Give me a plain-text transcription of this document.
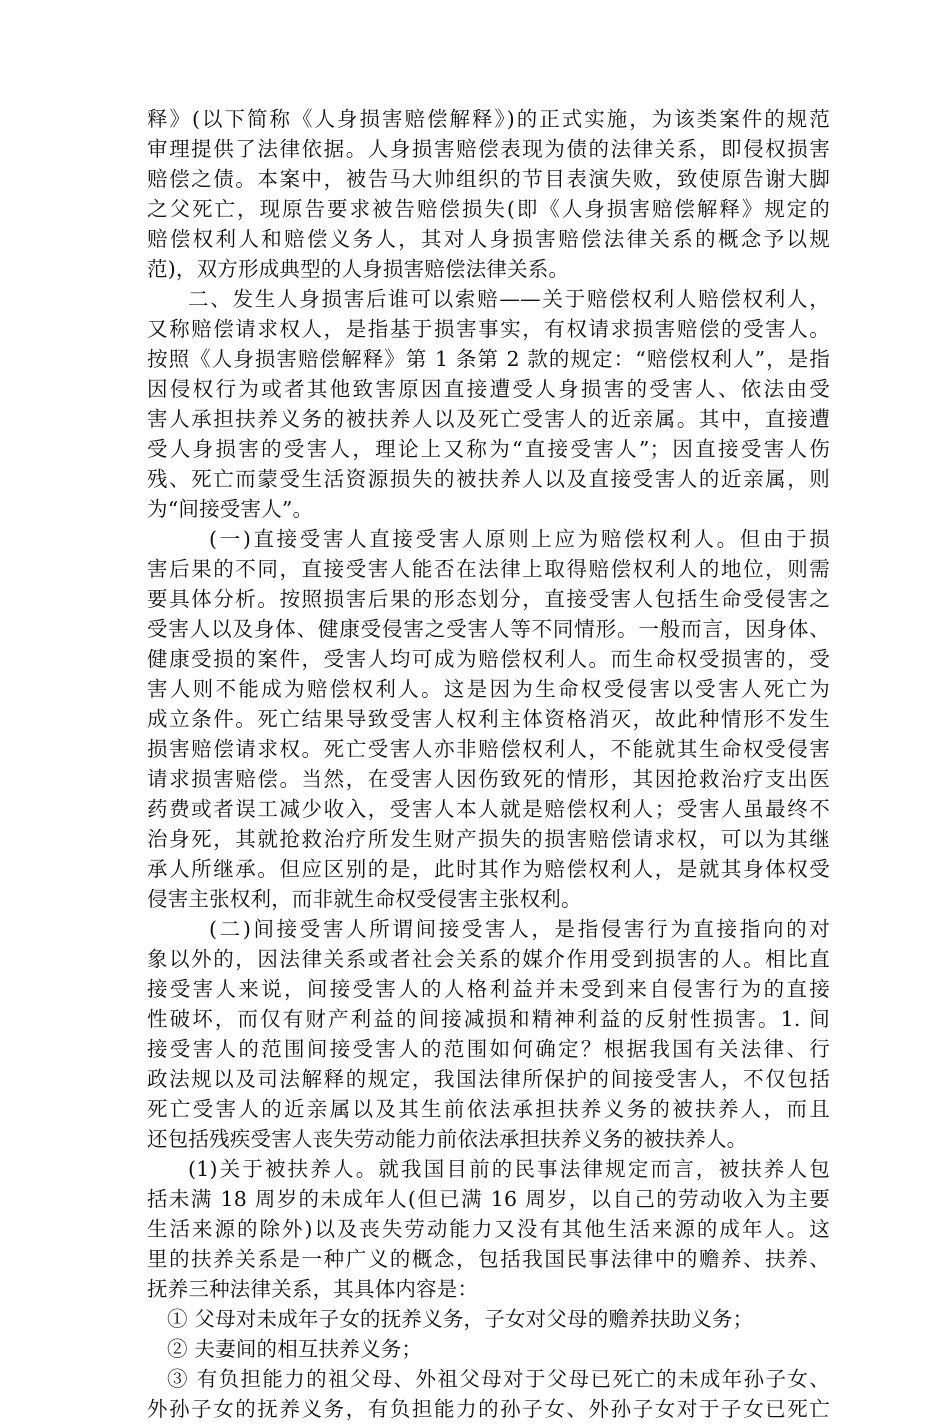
释》(以下简称《人身损害赔偿解释》)的正式实施，为该类案件的规范
审理提供了法律依据。人身损害赔偿表现为债的法律关系，即侵权损害
赔偿之债。本案中，被告马大帅组织的节目表演失败，致使原告谢大脚
之父死亡，现原告要求被告赔偿损失(即《人身损害赔偿解释》规定的
赔偿权利人和赔偿义务人，其对人身损害赔偿法律关系的概念予以规
范)，双方形成典型的人身损害赔偿法律关系。
二、发生人身损害后谁可以索赔——关于赔偿权利人赔偿权利人，
又称赔偿请求权人，是指基于损害事实，有权请求损害赔偿的受害人。
按照《人身损害赔偿解释》第 1 条第 2 款的规定：“赔偿权利人”，是指
因侵权行为或者其他致害原因直接遭受人身损害的受害人、依法由受
害人承担扶养义务的被扶养人以及死亡受害人的近亲属。其中，直接遭
受人身损害的受害人，理论上又称为“直接受害人”；因直接受害人伤
残、死亡而蒙受生活资源损失的被扶养人以及直接受害人的近亲属，则
为“间接受害人”。
(一)直接受害人直接受害人原则上应为赔偿权利人。但由于损
害后果的不同，直接受害人能否在法律上取得赔偿权利人的地位，则需
要具体分析。按照损害后果的形态划分，直接受害人包括生命受侵害之
受害人以及身体、健康受侵害之受害人等不同情形。一般而言，因身体、
健康受损的案件，受害人均可成为赔偿权利人。而生命权受损害的，受
害人则不能成为赔偿权利人。这是因为生命权受侵害以受害人死亡为
成立条件。死亡结果导致受害人权利主体资格消灭，故此种情形不发生
损害赔偿请求权。死亡受害人亦非赔偿权利人，不能就其生命权受侵害
请求损害赔偿。当然，在受害人因伤致死的情形，其因抢救治疗支出医
药费或者误工减少收入，受害人本人就是赔偿权利人；受害人虽最终不
治身死，其就抢救治疗所发生财产损失的损害赔偿请求权，可以为其继
承人所继承。但应区别的是，此时其作为赔偿权利人，是就其身体权受
侵害主张权利，而非就生命权受侵害主张权利。
(二)间接受害人所谓间接受害人，是指侵害行为直接指向的对
象以外的，因法律关系或者社会关系的媒介作用受到损害的人。相比直
接受害人来说，间接受害人的人格利益并未受到来自侵害行为的直接
性破坏，而仅有财产利益的间接减损和精神利益的反射性损害。1. 间
接受害人的范围间接受害人的范围如何确定？根据我国有关法律、行
政法规以及司法解释的规定，我国法律所保护的间接受害人，不仅包括
死亡受害人的近亲属以及其生前依法承担扶养义务的被扶养人，而且
还包括残疾受害人丧失劳动能力前依法承担扶养义务的被扶养人。
(1)关于被扶养人。就我国目前的民事法律规定而言，被扶养人包
括未满 18 周岁的未成年人(但已满 16 周岁，以自己的劳动收入为主要
生活来源的除外)以及丧失劳动能力又没有其他生活来源的成年人。这
里的扶养关系是一种广义的概念，包括我国民事法律中的赡养、扶养、
抚养三种法律关系，其具体内容是：
① 父母对未成年子女的抚养义务，子女对父母的赡养扶助义务；
② 夫妻间的相互扶养义务；
③ 有负担能力的祖父母、外祖父母对于父母已死亡的未成年孙子女、
外孙子女的抚养义务，有负担能力的孙子女、外孙子女对于子女已死亡
